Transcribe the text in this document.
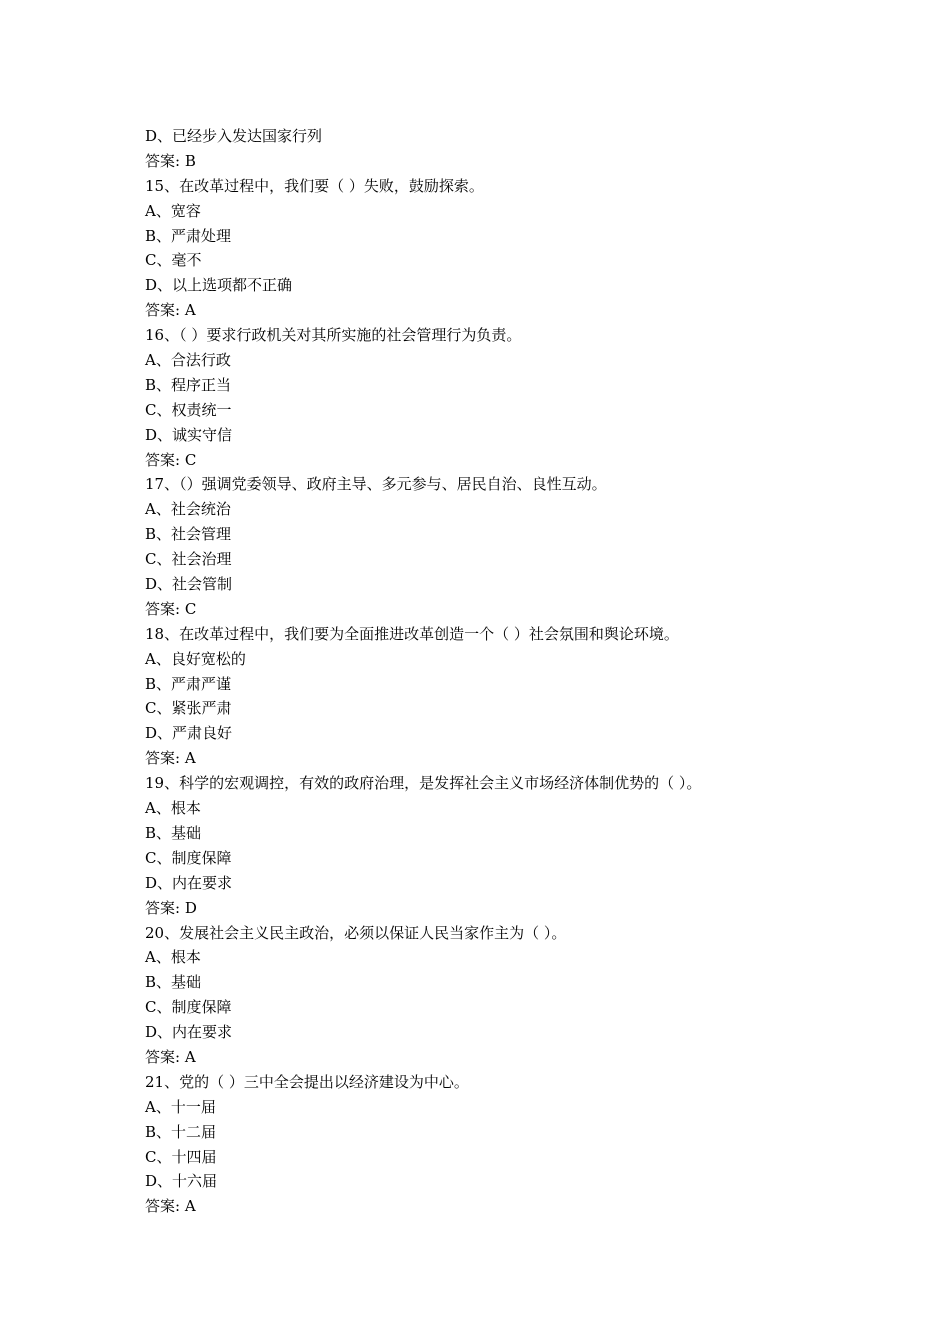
D、已经步入发达国家行列
答案: B
15、在改革过程中，我们要（ ）失败，鼓励探索。
A、宽容
B、严肃处理
C、毫不
D、以上选项都不正确
答案: A
16、（ ）要求行政机关对其所实施的社会管理行为负责。
A、合法行政
B、程序正当
C、权责统一
D、诚实守信
答案: C
17、（）强调党委领导、政府主导、多元参与、居民自治、良性互动。
A、社会统治
B、社会管理
C、社会治理
D、社会管制
答案: C
18、在改革过程中，我们要为全面推进改革创造一个（ ）社会氛围和舆论环境。
A、良好宽松的
B、严肃严谨
C、紧张严肃
D、严肃良好
答案: A
19、科学的宏观调控，有效的政府治理，是发挥社会主义市场经济体制优势的（ ）。
A、根本
B、基础
C、制度保障
D、内在要求
答案: D
20、发展社会主义民主政治，必须以保证人民当家作主为（ ）。
A、根本
B、基础
C、制度保障
D、内在要求
答案: A
21、党的（ ）三中全会提出以经济建设为中心。
A、十一届
B、十二届
C、十四届
D、十六届
答案: A
